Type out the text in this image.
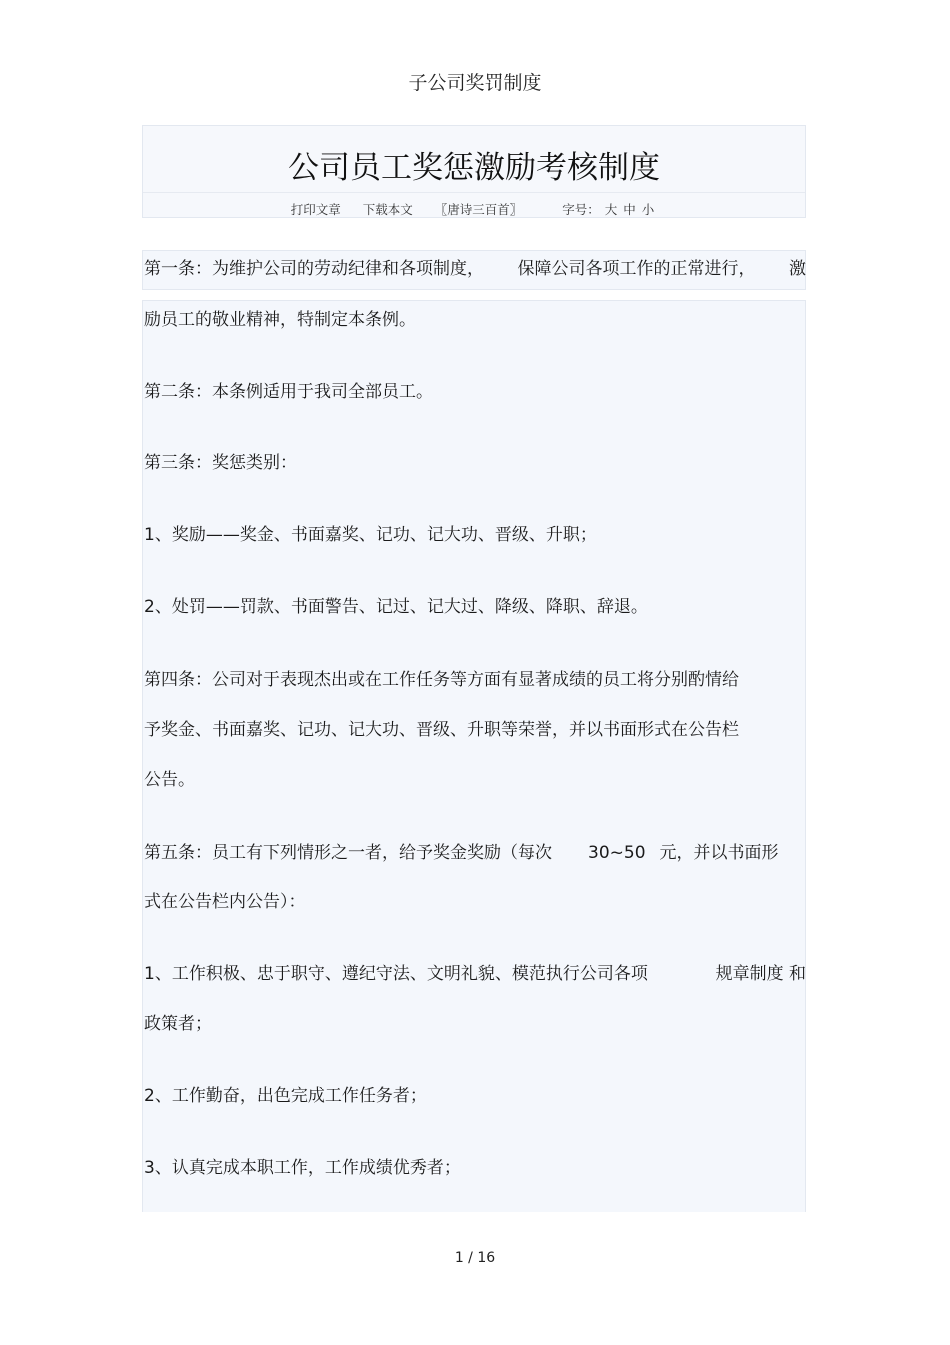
子公司奖罚制度
公司员工奖惩激励考核制度
打印文章 下载本文 〖唐诗三百首〗	字号： 大 中 小
第一条：为维护公司的劳动纪律和各项制度， 保障公司各项工作的正常进行， 激
励员工的敬业精神，特制定本条例。
第二条：本条例适用于我司全部员工。
第三条：奖惩类别：
1、奖励——奖金、书面嘉奖、记功、记大功、晋级、升职；
2、处罚——罚款、书面警告、记过、记大过、降级、降职、辞退。
第四条：公司对于表现杰出或在工作任务等方面有显著成绩的员工将分别酌情给
予奖金、书面嘉奖、记功、记大功、晋级、升职等荣誉，并以书面形式在公告栏
公告。
第五条：员工有下列情形之一者，给予奖金奖励（每次 30~50 元，并以书面形
式在公告栏内公告）：
1、工作积极、忠于职守、遵纪守法、文明礼貌、模范执行公司各项	规章制度 和
政策者；
2、工作勤奋，出色完成工作任务者；
3、认真完成本职工作，工作成绩优秀者；
1 / 16
